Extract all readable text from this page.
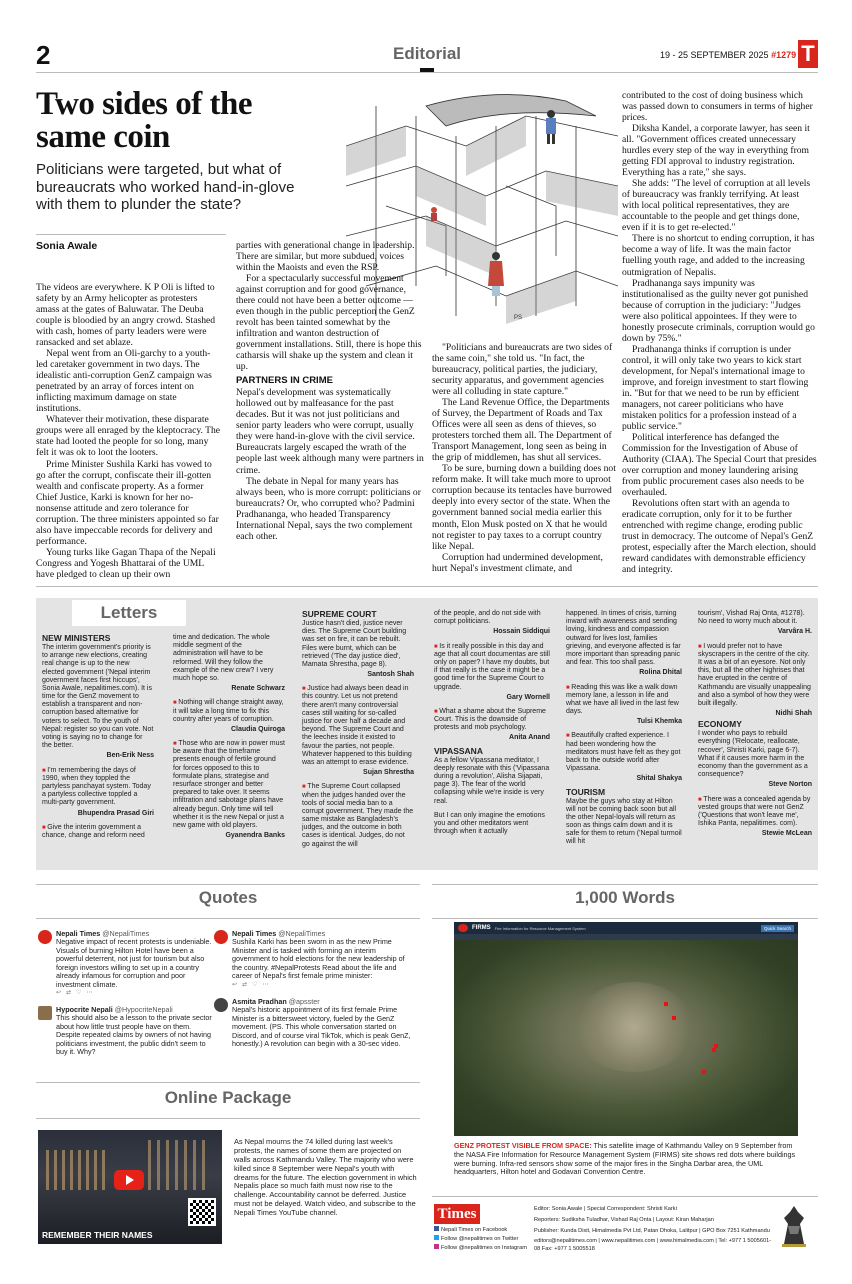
2	Editorial	19 - 25 SEPTEMBER 2025 #1279 T
Two sides of the same coin
Politicians were targeted, but what of bureaucrats who worked hand-in-glove with them to plunder the state?
Sonia Awale
PS

The videos are everywhere. K P Oli is lifted to safety by an Army helicopter as protesters amass at the gates of Baluwatar. The Deuba couple is bloodied by an angry crowd. Stashed with cash, homes of party leaders were were ransacked and set ablaze.

Nepal went from an Oli-garchy to a youth-led caretaker government in two days. The idealistic anti-corruption GenZ campaign was penetrated by an array of forces intent on inflicting maximum damage on state institutions.

Whatever their motivation, these disparate groups were all enraged by the kleptocracy. The state had looted the people for so long, many felt it was ok to loot the looters.

Prime Minister Sushila Karki has vowed to go after the corrupt, confiscate their ill-gotten wealth and confiscate property. As a former Chief Justice, Karki is known for her no-nonsense attitude and zero tolerance for corruption. The three ministers appointed so far also have impeccable records for delivery and performance.

Young turks like Gagan Thapa of the Nepali Congress and Yogesh Bhattarai of the UML have pledged to clean up their own

parties with generational change in leadership. There are similar, but more subdued, voices within the Maoists and even the RSP.

For a spectacularly successful movement against corruption and for good governance, there could not have been a better outcome — even though in the public perception the GenZ revolt has been tainted somewhat by the infiltration and wanton destruction of government installations. Still, there is hope this catharsis will shake up the system and clean it up.

PARTNERS IN CRIME

Nepal's development was systematically hollowed out by malfeasance for the past decades. But it was not just politicians and senior party leaders who were corrupt, usually they were hand-in-glove with the civil service. Bureaucrats largely escaped the wrath of the people last week although many were partners in crime.

The debate in Nepal for many years has always been, who is more corrupt: politicians or bureaucrats? Or, who corrupted who? Padmini Pradhananga, who headed Transparency International Nepal, says the two complement each other.

"Politicians and bureaucrats are two sides of the same coin," she told us. "In fact, the bureaucracy, political parties, the judiciary, security apparatus, and government agencies were all colluding in state capture."

The Land Revenue Office, the Departments of Survey, the Department of Roads and Tax Offices were all seen as dens of thieves, so protesters torched them all. The Department of Transport Management, long seen as being in the grip of middlemen, has shut all services.

To be sure, burning down a building does not reform make. It will take much more to uproot corruption because its tentacles have burrowed deeply into every sector of the state. When the government banned social media earlier this month, Elon Musk posted on X that he would not register to pay taxes to a corrupt country like Nepal.

Corruption had undermined development, hurt Nepal's investment climate, and

contributed to the cost of doing business which was passed down to consumers in terms of higher prices.

Diksha Kandel, a corporate lawyer, has seen it all. "Government offices created unnecessary hurdles every step of the way in everything from getting FDI approval to industry registration. Everything has a rate," she says.

She adds: "The level of corruption at all levels of bureaucracy was frankly terrifying. At least with local political representatives, they are accountable to the people and get things done, even if it is to get re-elected."

There is no shortcut to ending corruption, it has become a way of life. It was the main factor fuelling youth rage, and added to the increasing outmigration of Nepalis.

Pradhananga says impunity was institutionalised as the guilty never got punished because of corruption in the judiciary: "Judges were also political appointees. If they were to honestly prosecute criminals, corruption would go down by 75%."

Pradhananga thinks if corruption is under control, it will only take two years to kick start development, for Nepal's international image to improve, and foreign investment to start flowing in. "But for that we need to be run by efficient managers, not career politicians who have mistaken politics for a profession instead of a public service."

Political interference has defanged the Commission for the Investigation of Abuse of Authority (CIAA). The Special Court that presides over corruption and money laundering arising from public procurement cases also needs to be overhauled.

Revolutions often start with an agenda to eradicate corruption, only for it to be further entrenched with regime change, eroding public trust in democracy. The outcome of Nepal's GenZ protest, especially after the March election, should reward candidates with demonstrable efficiency and integrity.

Letters
NEW MINISTERS
The interim government's priority is to arrange new elections, creating real change is up to the new elected government ('Nepal interim government faces first hiccups', Sonia Awale, nepalitimes.com). It is time for the GenZ movement to establish a transparent and non-corruption based alternative for voters to select. To the youth of Nepal: register so you can vote. Not voting is saying no to change for the better.
Ben-Erik Ness
■ I'm remembering the days of 1990, when they toppled the partyless panchayat system. Today a partyless collective toppled a multi-party government.
Bhupendra Prasad Giri
■ Give the interim government a chance, change and reform need
time and dedication. The whole middle segment of the administration will have to be reformed. Will they follow the example of the new crew? I very much hope so.
Renate Schwarz
■ Nothing will change straight away, it will take a long time to fix this country after years of corruption.
Claudia Quiroga
■ Those who are now in power must be aware that the timeframe presents enough of fertile ground for forces opposed to this to formulate plans, strategise and resurface stronger and better prepared to take over. It seems infiltration and sabotage plans have already begun. Only time will tell whether it is the new Nepal or just a new game with old players.
Gyanendra Banks
SUPREME COURT
Justice hasn't died, justice never dies. The Supreme Court building was set on fire, it can be rebuilt. Files were burnt, which can be retrieved ('The day justice died', Mamata Shrestha, page 8).
Santosh Shah
■ Justice had always been dead in this country. Let us not pretend there aren't many controversial cases still waiting for so-called justice for over half a decade and beyond. The Supreme Court and the leeches inside it existed to favour the parties, not people. Whatever happened to this building was an attempt to erase evidence.
Sujan Shrestha
■ The Supreme Court collapsed when the judges handed over the tools of social media ban to a corrupt government. They made the same mistake as Bangladesh's judges, and the outcome in both cases is identical. Judges, do not go against the will
of the people, and do not side with corrupt politicians.
Hossain Siddiqui
■ Is it really possible in this day and age that all court documentas are still only on paper? I have my doubts, but if that really is the case it might be a good time for the Supreme Court to upgrade.
Gary Wornell
■ What a shame about the Supreme Court. This is the downside of protests and mob psychology.
Anita Anand
VIPASSANA
As a fellow Vipassana meditator, I deeply resonate with this ('Vipassana during a revolution', Alisha Sijapati, page 3). The fear of the world collapsing while we're inside is very real.
But I can only imagine the emotions you and other meditators went through when it actually
happened. In times of crisis, turning inward with awareness and sending loving, kindness and compassion outward for lives lost, families grieving, and everyone affected is far more important than spreading panic and fear. This too shall pass.
Rolina Dhital
■ Reading this was like a walk down memory lane, a lesson in life and what we have all lived in the last few days.
Tulsi Khemka
■ Beautifully crafted experience. I had been wondering how the meditators must have felt as they got back to the outside world after Vipassana.
Shital Shakya
TOURISM
Maybe the guys who stay at Hilton will not be coming back soon but all the other Nepal-loyals will return as soon as things calm down and it is safe for them to return ('Nepal turmoil will hit
tourism', Vishad Raj Onta, #1278). No need to worry much about it.
Varvâra H.
■ I would prefer not to have skyscrapers in the centre of the city. It was a bit of an eyesore. Not only this, but all the other highrises that have erupted in the centre of Kathmandu are visually unappealing and also a symbol of how they were built illegally.
Nidhi Shah
ECONOMY
I wonder who pays to rebuild everything ('Relocate, reallocate, recover', Shristi Karki, page 6-7). What if it causes more harm in the economy than the government as a consequence?
Steve Norton
■ There was a concealed agenda by vested groups that were not GenZ ('Questions that won't leave me', Ishika Panta, nepalitimes. com).
Stewie McLean
Quotes
Nepali Times @NepaliTimes
Negative impact of recent protests is undeniable. Visuals of burning Hilton Hotel have been a powerful deterrent, not just for tourism but also foreign investors willing to set up in a country already infamous for corruption and poor investment climate.
↩   ⇄   ♡   ⋯
Hypocrite Nepali @HypocriteNepali
This should also be a lesson to the private sector about how little trust people have on them. Despite repeated claims by owners of not having politicians investment, the public didn't seem to buy it. Why?
Nepali Times @NepaliTimes
Sushila Karki has been sworn in as the new Prime Minister and is tasked with forming an interim government to hold elections for the new leadership of the country. #NepalProtests Read about the life and career of Nepal's first female prime minister:
↩   ⇄   ♡   ⋯
Asmita Pradhan @apsster
Nepal's historic appointment of its first female Prime Minister is a bittersweet victory, fueled by the GenZ movement. (PS. This whole conversation started on Discord, and of course viral TikTok, which is peak GenZ, honestly.) A revolution can begin with a 30-sec video.
Online Package
REMEMBER THEIR NAMES
As Nepal mourns the 74 killed during last week's protests, the names of some them are projected on walls across Kathmandu Valley. The majority who were killed since 8 September were Nepal's youth with dreams for the future. The election government in which Nepalis place so much faith must now rise to the challenge. Accountability cannot be deferred. Justice must not be delayed. Watch video, and subscribe to the Nepali Times YouTube channel.
1,000 Words
FIRMS Fire Information for Resource Management System	Quick Search
GENZ PROTEST VISIBLE FROM SPACE: This satellite image of Kathmandu Valley on 9 September from the NASA Fire Information for Resource Management System (FIRMS) site shows red dots where buildings were burning. Infra-red sensors show some of the major fires in the Singha Darbar area, the UML headquarters, Hilton hotel and Godavari Convention Centre.
Times
Nepali Times on Facebook
Follow @nepalitimes on Twitter
Follow @nepalitimes on Instagram
Editor: Sonia Awale | Special Correspondent: Shristi Karki
Reporters: Sudiksha Tuladhar, Vishad Raj Onta | Layout: Kiran Maharjan
Publisher: Kunda Dixit, Himalmedia Pvt Ltd, Patan Dhoka, Lalitpur | GPO Box 7251 Kathmandu
editors@nepalitimes.com | www.nepalitimes.com | www.himalmedia.com | Tel: +977 1 5005601-08 Fax: +977 1 5005518
